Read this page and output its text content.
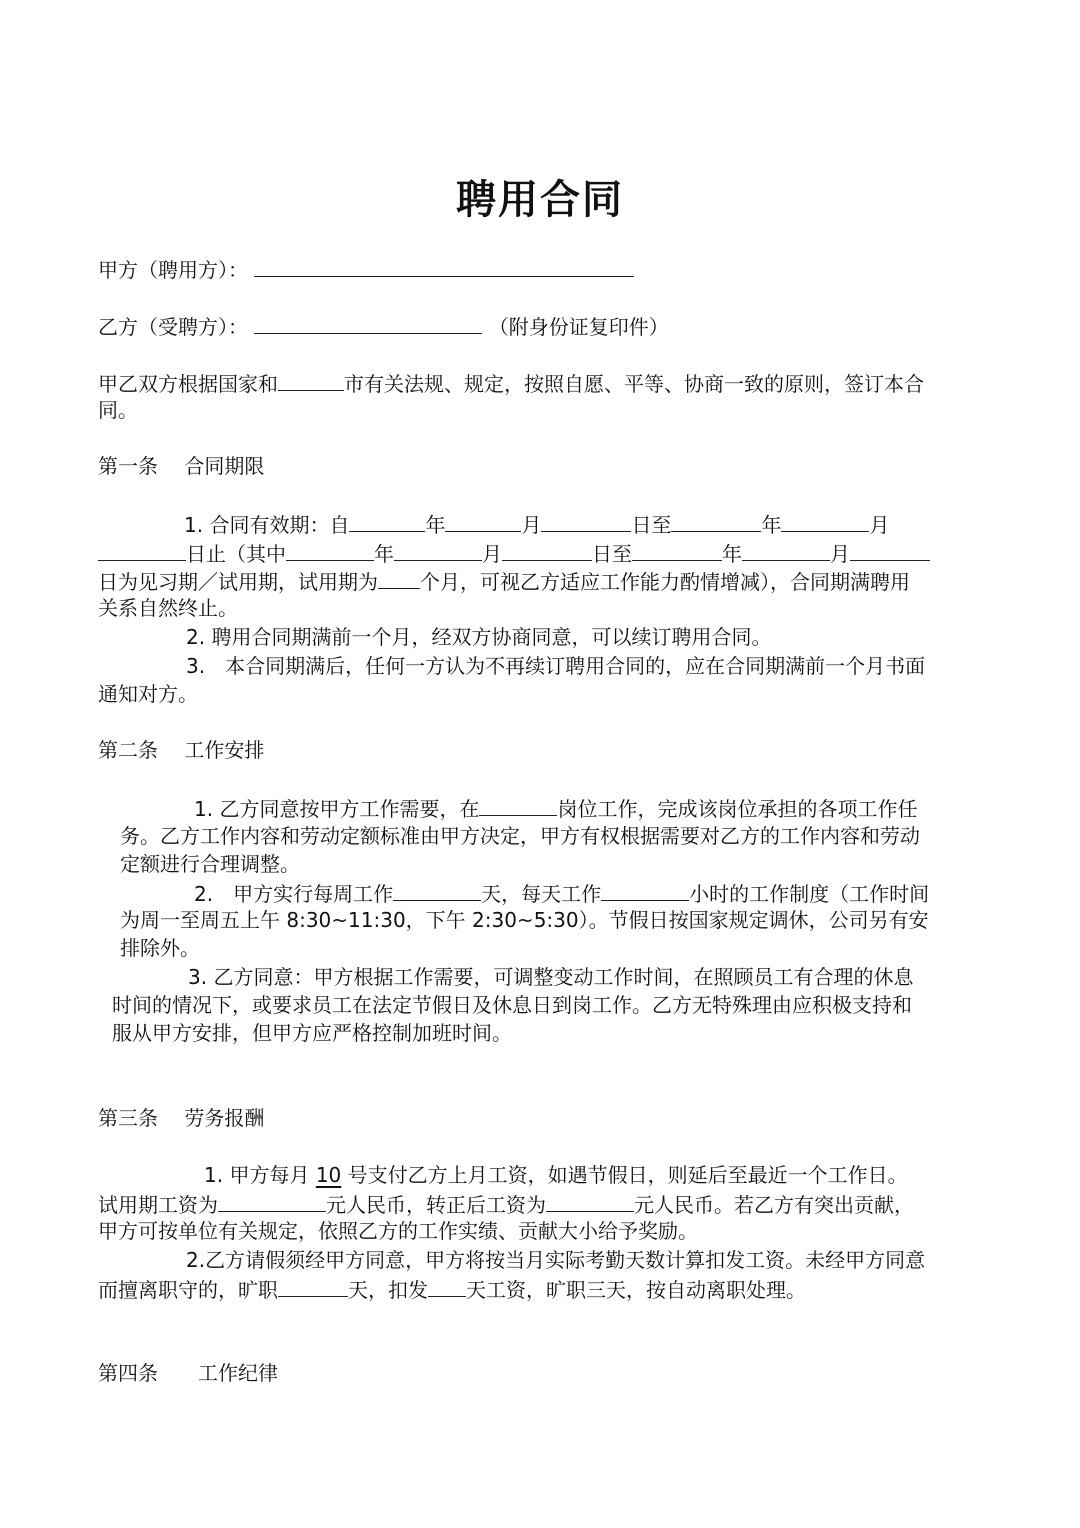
聘用合同
甲方（聘用方）：
乙方（受聘方）：	（附身份证复印件）
甲乙双方根据国家和	市有关法规、规定，按照自愿、平等、协商一致的原则，签订本合
同。
第一条　 合同期限
1. 合同有效期：自	年	月	日至	年	月
日止（其中	年	月	日至	年	月
日为见习期／试用期，试用期为 个月，可视乙方适应工作能力酌情增减），合同期满聘用
关系自然终止。
2. 聘用合同期满前一个月，经双方协商同意，可以续订聘用合同。
3.　本合同期满后，任何一方认为不再续订聘用合同的，应在合同期满前一个月书面
通知对方。
第二条　 工作安排
1. 乙方同意按甲方工作需要，在	岗位工作，完成该岗位承担的各项工作任
务。乙方工作内容和劳动定额标准由甲方决定，甲方有权根据需要对乙方的工作内容和劳动
定额进行合理调整。
2.　甲方实行每周工作	天，每天工作	小时的工作制度（工作时间
为周一至周五上午 8:30~11:30，下午 2:30~5:30）。节假日按国家规定调休，公司另有安
排除外。
3. 乙方同意：甲方根据工作需要，可调整变动工作时间，在照顾员工有合理的休息
时间的情况下，或要求员工在法定节假日及休息日到岗工作。乙方无特殊理由应积极支持和
服从甲方安排，但甲方应严格控制加班时间。
第三条　 劳务报酬
1. 甲方每月 10 号支付乙方上月工资，如遇节假日，则延后至最近一个工作日。
试用期工资为	元人民币，转正后工资为	元人民币。若乙方有突出贡献，
甲方可按单位有关规定，依照乙方的工作实绩、贡献大小给予奖励。
2.乙方请假须经甲方同意，甲方将按当月实际考勤天数计算扣发工资。未经甲方同意
而擅离职守的，旷职	天，扣发 天工资，旷职三天，按自动离职处理。
第四条　　工作纪律
